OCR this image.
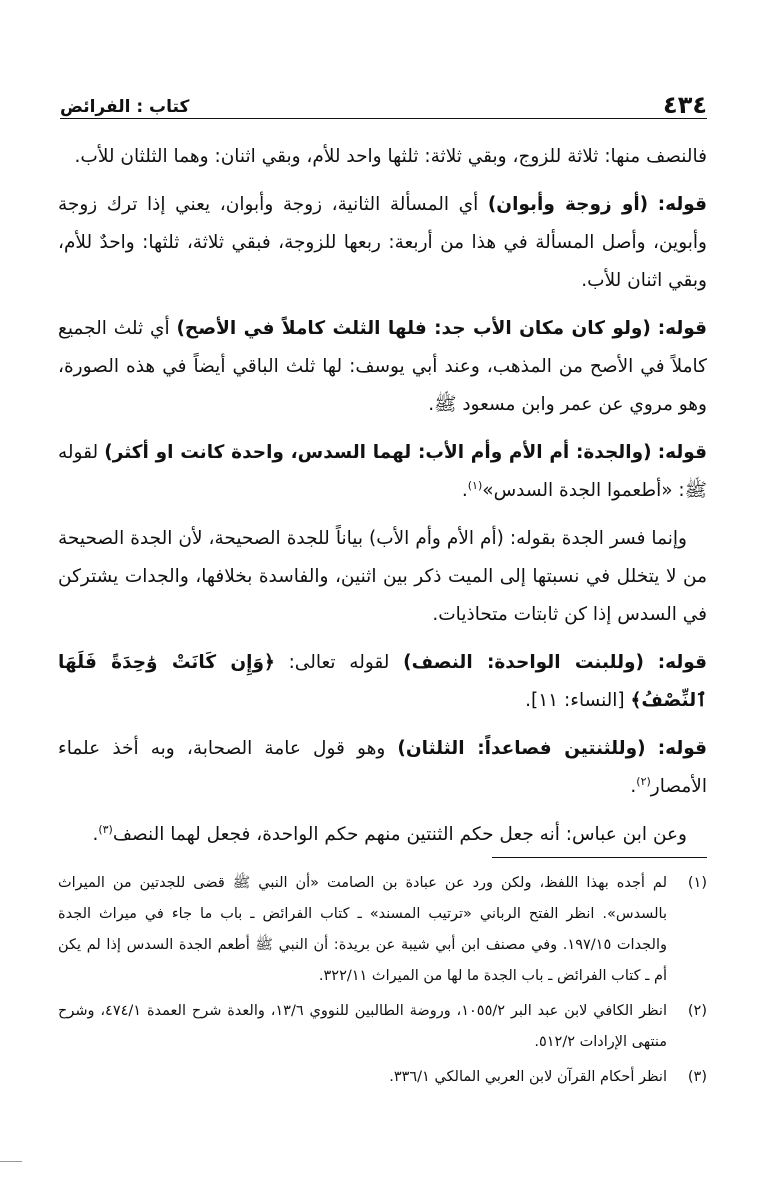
٤٣٤
كتاب : الفرائض

فالنصف منها: ثلاثة للزوج، وبقي ثلاثة: ثلثها واحد للأم، وبقي اثنان: وهما الثلثان للأب.

قوله: (أو زوجة وأبوان) أي المسألة الثانية، زوجة وأبوان، يعني إذا ترك زوجة وأبوين، وأصل المسألة في هذا من أربعة: ربعها للزوجة، فبقي ثلاثة، ثلثها: واحدٌ للأم، وبقي اثنان للأب.

قوله: (ولو كان مكان الأب جد: فلها الثلث كاملاً في الأصح) أي ثلث الجميع كاملاً في الأصح من المذهب، وعند أبي يوسف: لها ثلث الباقي أيضاً في هذه الصورة، وهو مروي عن عمر وابن مسعود ﷺ.

قوله: (والجدة: أم الأم وأم الأب: لهما السدس، واحدة كانت او أكثر) لقوله ﷺ: «أطعموا الجدة السدس»$^{(١)}$.

وإنما فسر الجدة بقوله: (أم الأم وأم الأب) بياناً للجدة الصحيحة، لأن الجدة الصحيحة من لا يتخلل في نسبتها إلى الميت ذكر بين اثنين، والفاسدة بخلافها، والجدات يشتركن في السدس إذا كن ثابتات متحاذيات.

قوله: (وللبنت الواحدة: النصف) لقوله تعالى: ﴿وَإِن كَانَتْ وَٰحِدَةً فَلَهَا ٱلنِّصْفُ﴾ [النساء: ١١].

قوله: (وللثنتين فصاعداً: الثلثان) وهو قول عامة الصحابة، وبه أخذ علماء الأمصار$^{(٢)}$.

وعن ابن عباس: أنه جعل حكم الثنتين منهم حكم الواحدة، فجعل لهما النصف$^{(٣)}$.

(١)
لم أجده بهذا اللفظ، ولكن ورد عن عبادة بن الصامت «أن النبي ﷺ قضى للجدتين من الميراث بالسدس». انظر الفتح الرباني «ترتيب المسند» ـ كتاب الفرائض ـ باب ما جاء في ميراث الجدة والجدات ١٩٧/١٥. وفي مصنف ابن أبي شيبة عن بريدة: أن النبي ﷺ أطعم الجدة السدس إذا لم يكن أم ـ كتاب الفرائض ـ باب الجدة ما لها من الميراث ٣٢٢/١١.
(٢)
انظر الكافي لابن عبد البر ١٠٥٥/٢، وروضة الطالبين للنووي ١٣/٦، والعدة شرح العمدة ٤٧٤/١، وشرح منتهى الإرادات ٥١٢/٢.
(٣)
انظر أحكام القرآن لابن العربي المالكي ٣٣٦/١.
